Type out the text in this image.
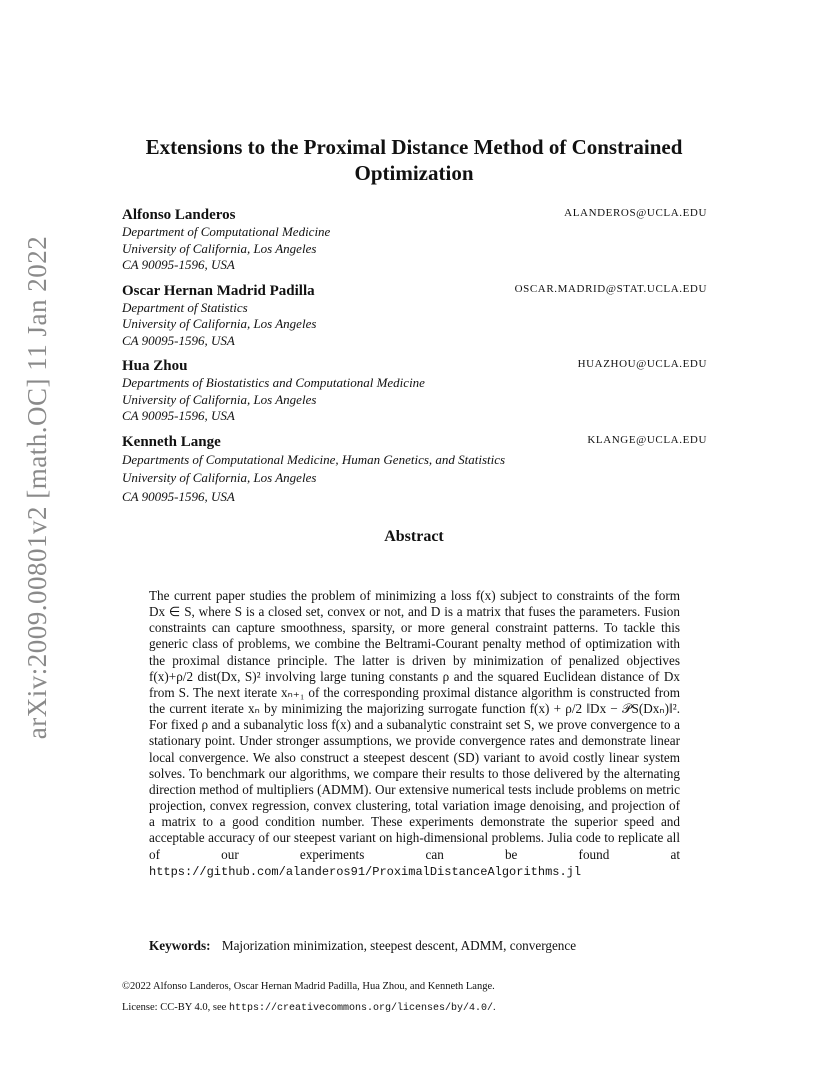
arXiv:2009.00801v2 [math.OC] 11 Jan 2022
Extensions to the Proximal Distance Method of Constrained Optimization
Alfonso Landeros	ALANDEROS@UCLA.EDU
Department of Computational Medicine
University of California, Los Angeles
CA 90095-1596, USA
Oscar Hernan Madrid Padilla	OSCAR.MADRID@STAT.UCLA.EDU
Department of Statistics
University of California, Los Angeles
CA 90095-1596, USA
Hua Zhou	HUAZHOU@UCLA.EDU
Departments of Biostatistics and Computational Medicine
University of California, Los Angeles
CA 90095-1596, USA
Kenneth Lange	KLANGE@UCLA.EDU
Departments of Computational Medicine, Human Genetics, and Statistics
University of California, Los Angeles
CA 90095-1596, USA
Abstract
The current paper studies the problem of minimizing a loss f(x) subject to constraints of the form Dx ∈ S, where S is a closed set, convex or not, and D is a matrix that fuses the parameters. Fusion constraints can capture smoothness, sparsity, or more general constraint patterns. To tackle this generic class of problems, we combine the Beltrami-Courant penalty method of optimization with the proximal distance principle. The latter is driven by minimization of penalized objectives f(x)+ρ/2 dist(Dx, S)² involving large tuning constants ρ and the squared Euclidean distance of Dx from S. The next iterate xₙ₊₁ of the corresponding proximal distance algorithm is constructed from the current iterate xₙ by minimizing the majorizing surrogate function f(x) + ρ/2 ‖Dx − 𝒫S(Dxₙ)‖². For fixed ρ and a subanalytic loss f(x) and a subanalytic constraint set S, we prove convergence to a stationary point. Under stronger assumptions, we provide convergence rates and demonstrate linear local convergence. We also construct a steepest descent (SD) variant to avoid costly linear system solves. To benchmark our algorithms, we compare their results to those delivered by the alternating direction method of multipliers (ADMM). Our extensive numerical tests include problems on metric projection, convex regression, convex clustering, total variation image denoising, and projection of a matrix to a good condition number. These experiments demonstrate the superior speed and acceptable accuracy of our steepest variant on high-dimensional problems. Julia code to replicate all of our experiments can be found at https://github.com/alanderos91/ProximalDistanceAlgorithms.jl
Keywords: Majorization minimization, steepest descent, ADMM, convergence
©2022 Alfonso Landeros, Oscar Hernan Madrid Padilla, Hua Zhou, and Kenneth Lange.
License: CC-BY 4.0, see https://creativecommons.org/licenses/by/4.0/.
